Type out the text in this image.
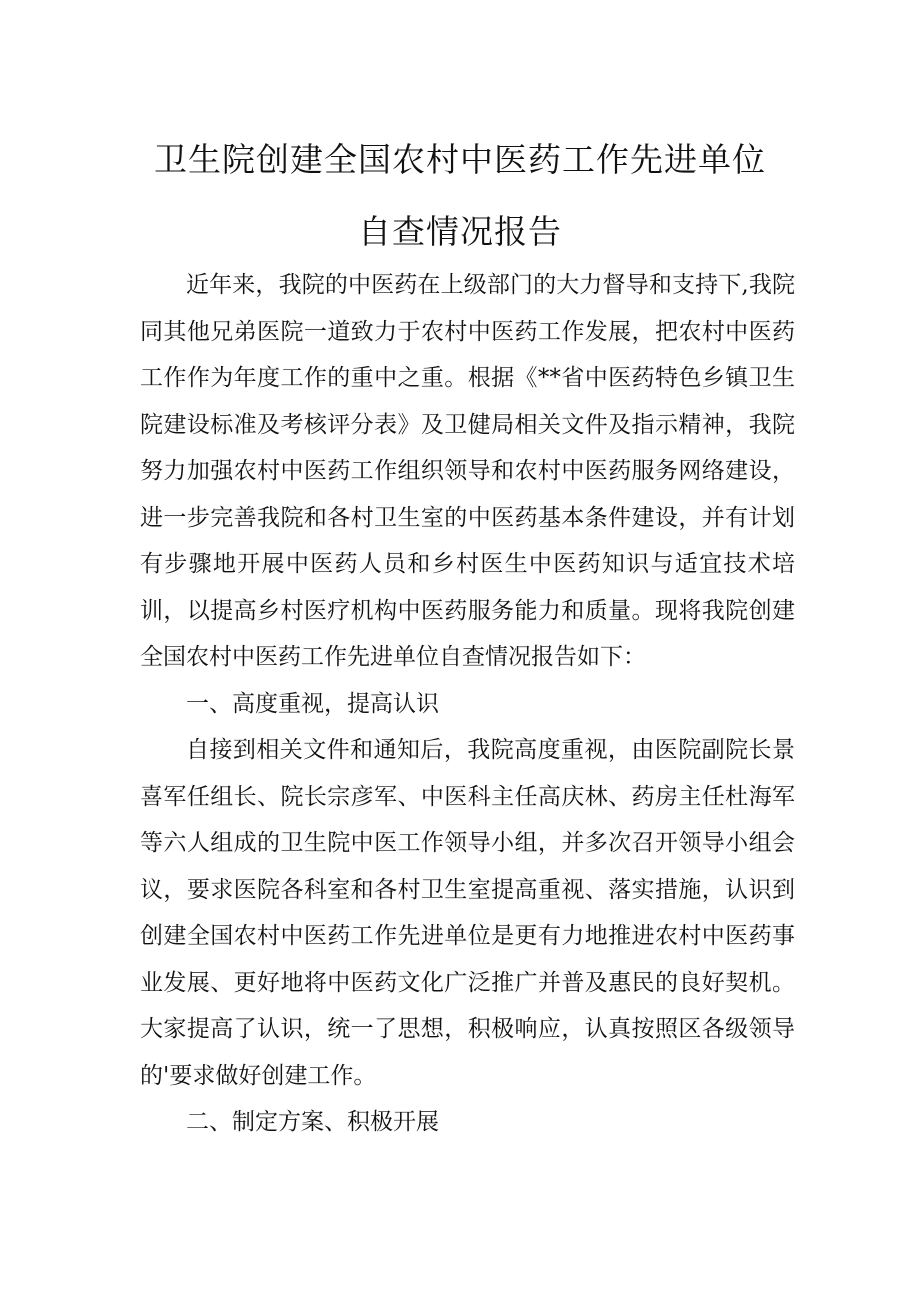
卫生院创建全国农村中医药工作先进单位
自查情况报告

近年来，我院的中医药在上级部门的大力督导和支持下,我院同其他兄弟医院一道致力于农村中医药工作发展，把农村中医药工作作为年度工作的重中之重。根据《**省中医药特色乡镇卫生院建设标准及考核评分表》及卫健局相关文件及指示精神，我院努力加强农村中医药工作组织领导和农村中医药服务网络建设，进一步完善我院和各村卫生室的中医药基本条件建设，并有计划有步骤地开展中医药人员和乡村医生中医药知识与适宜技术培训，以提高乡村医疗机构中医药服务能力和质量。现将我院创建全国农村中医药工作先进单位自查情况报告如下：

一、高度重视，提高认识

自接到相关文件和通知后，我院高度重视，由医院副院长景喜军任组长、院长宗彦军、中医科主任高庆林、药房主任杜海军等六人组成的卫生院中医工作领导小组，并多次召开领导小组会议，要求医院各科室和各村卫生室提高重视、落实措施，认识到创建全国农村中医药工作先进单位是更有力地推进农村中医药事业发展、更好地将中医药文化广泛推广并普及惠民的良好契机。大家提高了认识，统一了思想，积极响应，认真按照区各级领导的'要求做好创建工作。

二、制定方案、积极开展
